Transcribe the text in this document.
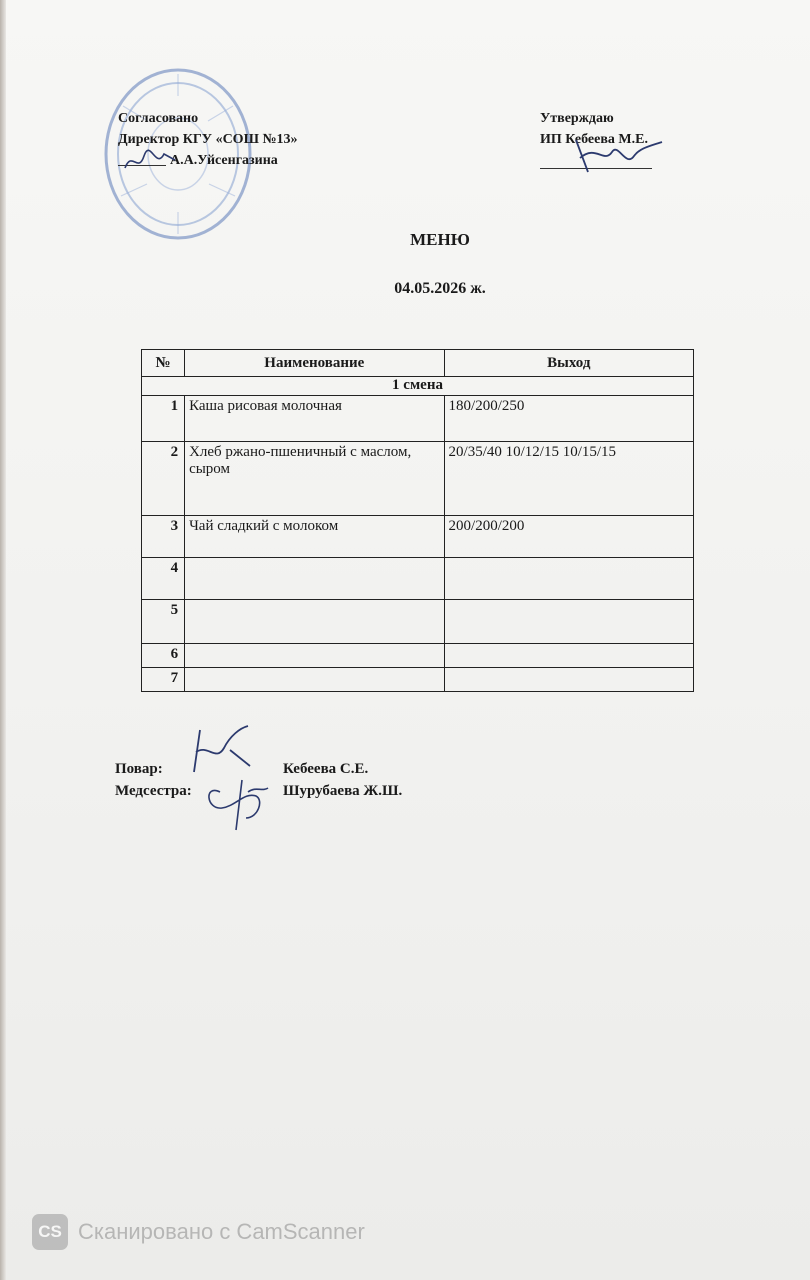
Согласовано
Директор КГУ «СОШ №13»
А.А.Уйсенгазина
Утверждаю
ИП Кебеева М.Е.
МЕНЮ
04.05.2026 ж.
№	Наименование	Выход
1 смена		
1	Каша рисовая молочная	180/200/250
2	Хлеб ржано-пшеничный с маслом, сыром	20/35/40 10/12/15 10/15/15
3	Чай сладкий с молоком	200/200/200
4		
5		
6		
7		
Повар:	Кебеева С.Е.
Медсестра:	Шурубаева Ж.Ш.
CS Сканировано с CamScanner
